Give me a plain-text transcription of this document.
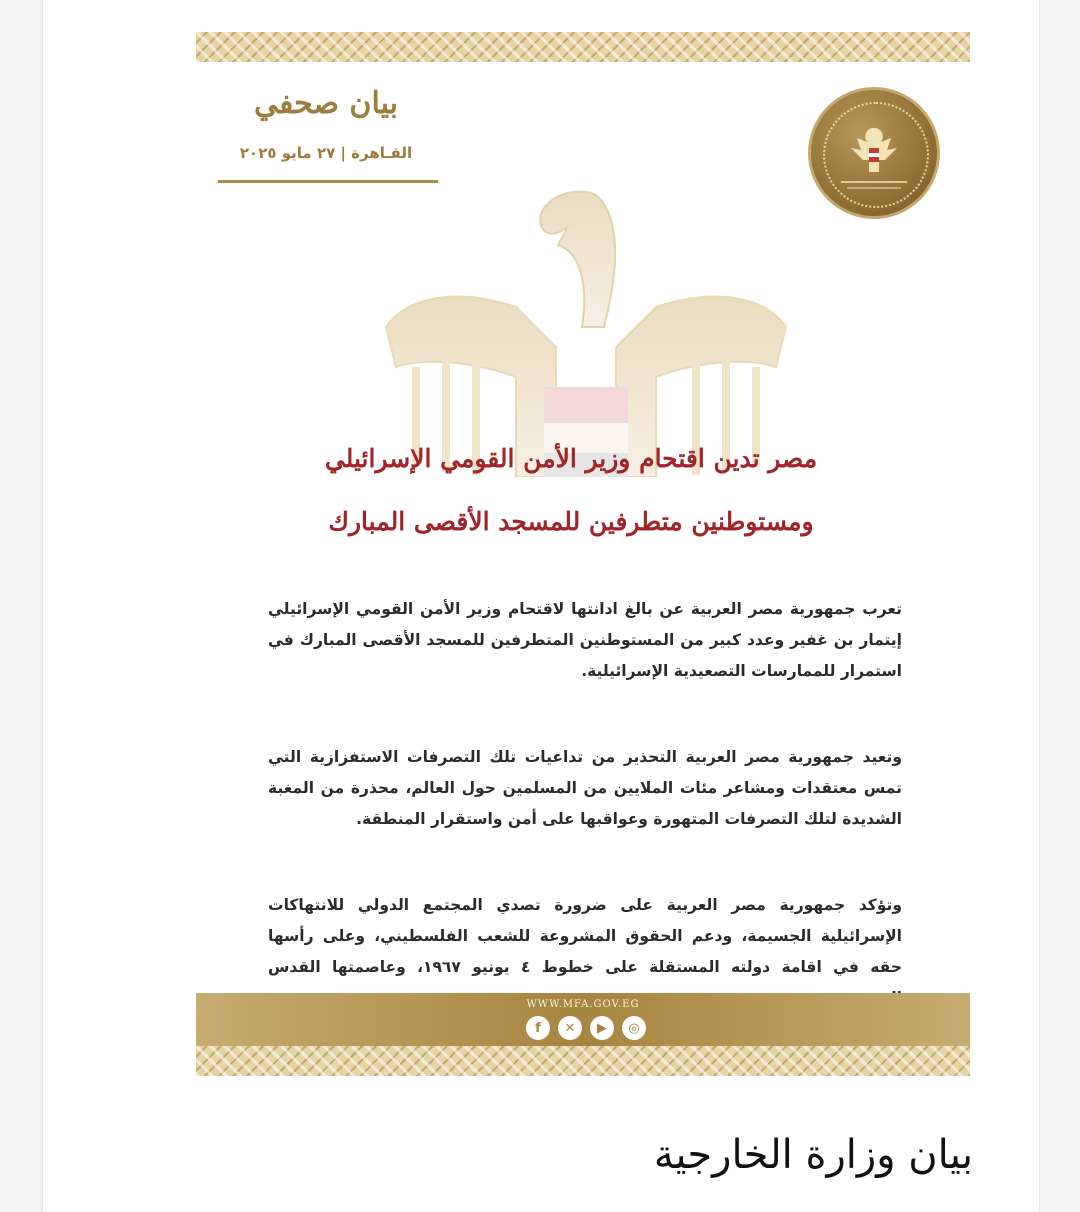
بيان صحفي
القـاهرة | ٢٧ مايو ٢٠٢٥
مصر تدين اقتحام وزير الأمن القومي الإسرائيلي
ومستوطنين متطرفين للمسجد الأقصى المبارك

تعرب جمهورية مصر العربية عن بالغ ادانتها لاقتحام وزير الأمن القومي الإسرائيلي إيتمار بن غفير وعدد كبير من المستوطنين المتطرفين للمسجد الأقصى المبارك في استمرار للممارسات التصعيدية الإسرائيلية.

وتعيد جمهورية مصر العربية التحذير من تداعيات تلك التصرفات الاستفزازية التي تمس معتقدات ومشاعر مئات الملايين من المسلمين حول العالم، محذرة من المغبة الشديدة لتلك التصرفات المتهورة وعواقبها على أمن واستقرار المنطقة.

وتؤكد جمهورية مصر العربية على ضرورة تصدي المجتمع الدولي للانتهاكات الإسرائيلية الجسيمة، ودعم الحقوق المشروعة للشعب الفلسطيني، وعلى رأسها حقه في اقامة دولته المستقلة على خطوط ٤ يونيو ١٩٦٧، وعاصمتها القدس

WWW.MFA.GOV.EG
f	✕	▶	◎
بيان وزارة الخارجية
